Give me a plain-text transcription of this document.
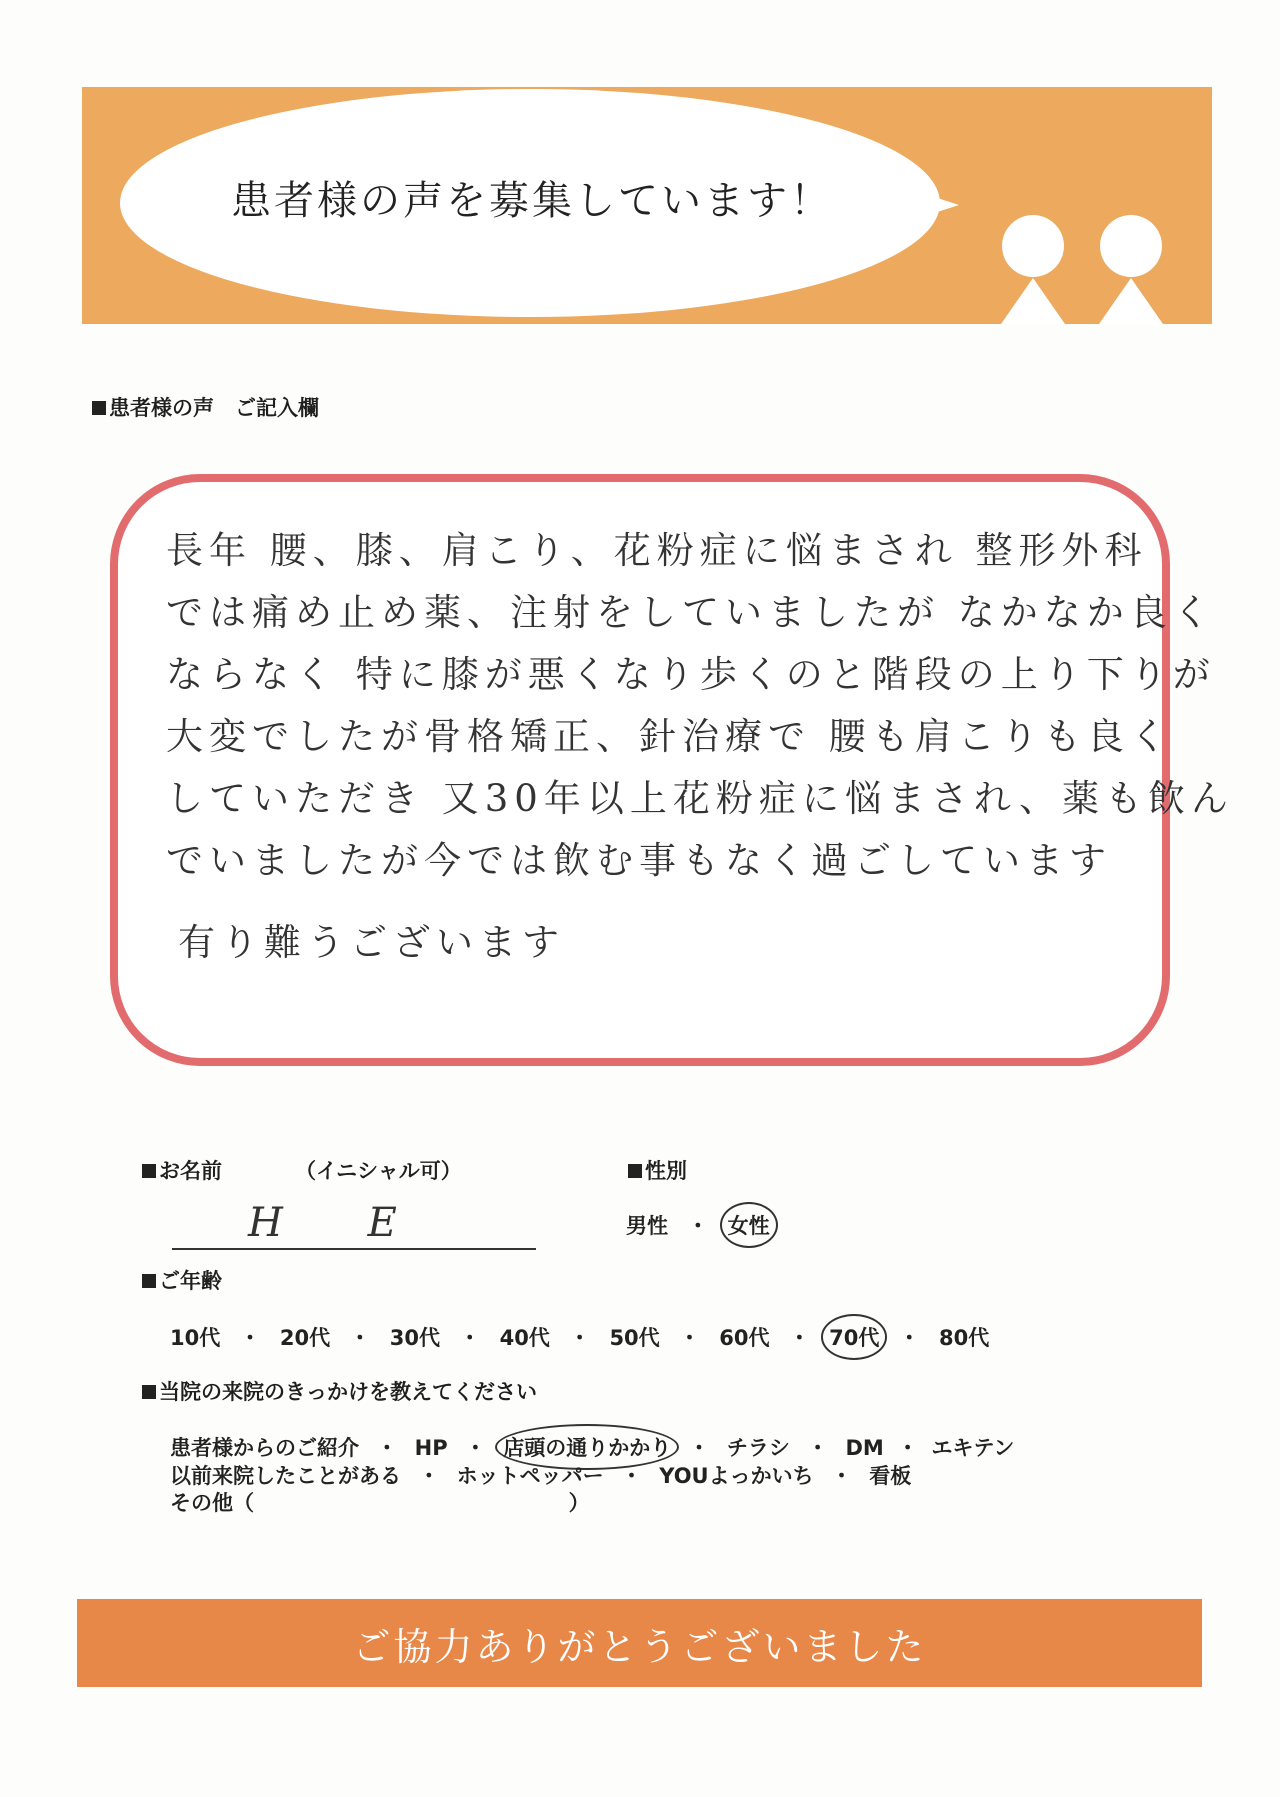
患者様の声を募集しています！
患者様の声　ご記入欄
長年 腰、膝、肩こり、花粉症に悩まされ 整形外科
では痛め止め薬、注射をしていましたが なかなか良く
ならなく 特に膝が悪くなり歩くのと階段の上り下りが
大変でしたが骨格矯正、針治療で 腰も肩こりも良く
していただき 又30年以上花粉症に悩まされ、薬も飲ん
でいましたが今では飲む事もなく過ごしています
有り難うございます
お名前	（イニシャル可）
H E
性別
男性 ・ 女性
ご年齢
10代 ・ 20代 ・ 30代 ・ 40代 ・ 50代 ・ 60代 ・ 70代 ・ 80代
当院の来院のきっかけを教えてください
患者様からのご紹介 ・ HP ・ 店頭の通りかかり ・ チラシ ・ DM ・ エキテン
以前来院したことがある ・ ホットペッパー ・ YOUよっかいち ・ 看板
その他（	）
ご協力ありがとうございました
